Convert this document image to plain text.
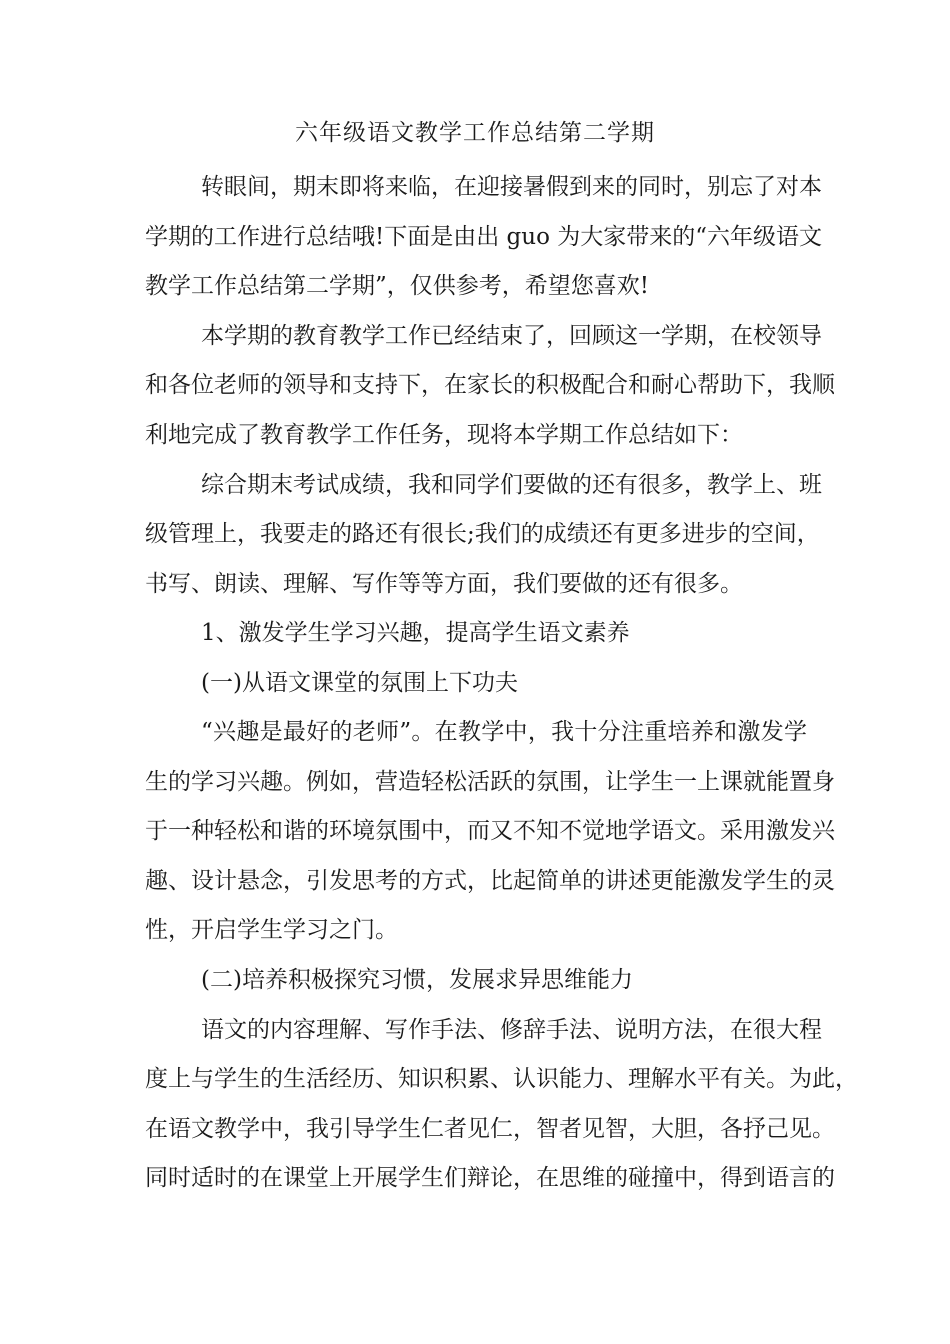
六年级语文教学工作总结第二学期
转眼间，期末即将来临，在迎接暑假到来的同时，别忘了对本
学期的工作进行总结哦!下面是由出 guo 为大家带来的“六年级语文
教学工作总结第二学期”，仅供参考，希望您喜欢!
本学期的教育教学工作已经结束了，回顾这一学期，在校领导
和各位老师的领导和支持下，在家长的积极配合和耐心帮助下，我顺
利地完成了教育教学工作任务，现将本学期工作总结如下：
综合期末考试成绩，我和同学们要做的还有很多，教学上、班
级管理上，我要走的路还有很长;我们的成绩还有更多进步的空间，
书写、朗读、理解、写作等等方面，我们要做的还有很多。
1、激发学生学习兴趣，提高学生语文素养
(一)从语文课堂的氛围上下功夫
“兴趣是最好的老师”。在教学中，我十分注重培养和激发学
生的学习兴趣。例如，营造轻松活跃的氛围，让学生一上课就能置身
于一种轻松和谐的环境氛围中，而又不知不觉地学语文。采用激发兴
趣、设计悬念，引发思考的方式，比起简单的讲述更能激发学生的灵
性，开启学生学习之门。
(二)培养积极探究习惯，发展求异思维能力
语文的内容理解、写作手法、修辞手法、说明方法，在很大程
度上与学生的生活经历、知识积累、认识能力、理解水平有关。为此，
在语文教学中，我引导学生仁者见仁，智者见智，大胆，各抒己见。
同时适时的在课堂上开展学生们辩论，在思维的碰撞中，得到语言的
